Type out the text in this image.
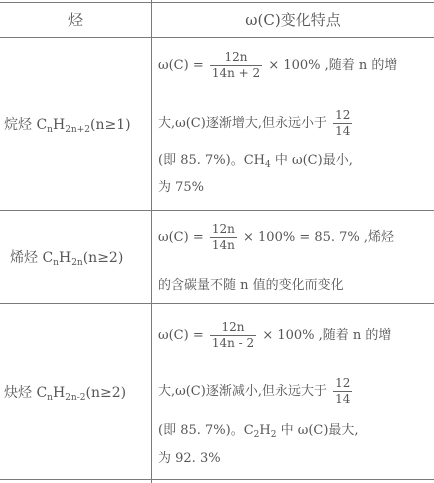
烃	ω(C)变化特点
烷烃 $C_nH_{2n+2}(n\ge 1)$
$\omega(C) = \frac{12n}{14n + 2} \times 100\%$ ,随着 n 的增
大,ω(C)逐渐增大,但永远小于 $\frac{12}{14}$
(即 85. 7%)。$CH_4$ 中 ω(C)最小,
为 75%
烯烃 $C_nH_{2n}(n\ge 2)$
$\omega(C) = \frac{12n}{14n} \times 100\% = 85$. 7% ,烯烃
的含碳量不随 n 值的变化而变化
炔烃 $C_nH_{2n-2}(n\ge 2)$
$\omega(C) = \frac{12n}{14n - 2} \times 100\%$ ,随着 n 的增
大,ω(C)逐渐减小,但永远大于 $\frac{12}{14}$
(即 85. 7%)。$C_2H_2$ 中 ω(C)最大,
为 92. 3%
